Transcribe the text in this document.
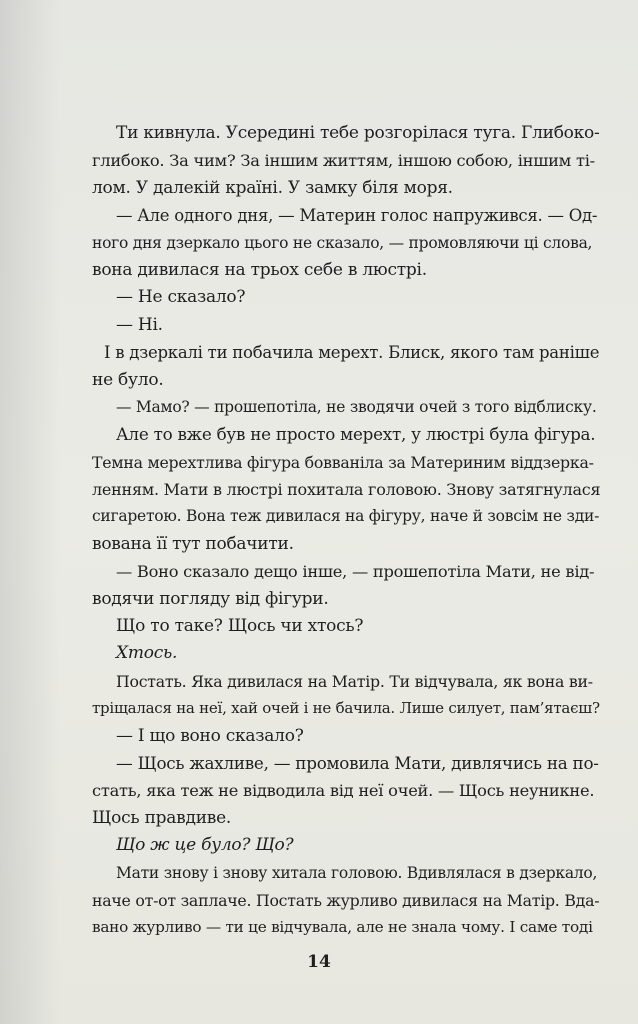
Ти кивнула. Усередині тебе розгорілася туга. Глибоко-
глибоко. За чим? За іншим життям, іншою собою, іншим ті-
лом. У далекій країні. У замку біля моря.
— Але одного дня, — Материн голос напружився. — Од-
ного дня дзеркало цього не сказало, — промовляючи ці слова,
вона дивилася на трьох себе в люстрі.
— Не сказало?
— Ні.
І в дзеркалі ти побачила мерехт. Блиск, якого там раніше
не було.
— Мамо? — прошепотіла, не зводячи очей з того відблиску.
Але то вже був не просто мерехт, у люстрі була фігура.
Темна мерехтлива фігура бовваніла за Материним віддзерка-
ленням. Мати в люстрі похитала головою. Знову затягнулася
сигаретою. Вона теж дивилася на фігуру, наче й зовсім не зди-
вована її тут побачити.
— Воно сказало дещо інше, — прошепотіла Мати, не від-
водячи погляду від фігури.
Що то таке? Щось чи хтось?
Хтось.
Постать. Яка дивилася на Матір. Ти відчувала, як вона ви-
тріщалася на неї, хай очей і не бачила. Лише силует, пам’ятаєш?
— І що воно сказало?
— Щось жахливе, — промовила Мати, дивлячись на по-
стать, яка теж не відводила від неї очей. — Щось неуникне.
Щось правдиве.
Що ж це було? Що?
Мати знову і знову хитала головою. Вдивлялася в дзеркало,
наче от-от заплаче. Постать журливо дивилася на Матір. Вда-
вано журливо — ти це відчувала, але не знала чому. І саме тоді
14
